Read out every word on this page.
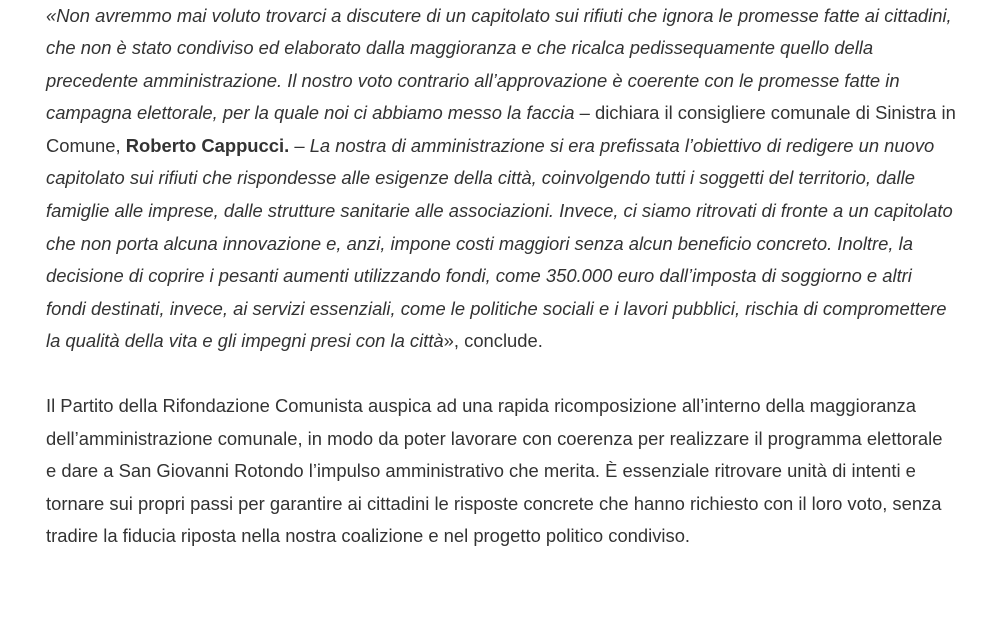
«Non avremmo mai voluto trovarci a discutere di un capitolato sui rifiuti che ignora le promesse fatte ai cittadini, che non è stato condiviso ed elaborato dalla maggioranza e che ricalca pedissequamente quello della precedente amministrazione. Il nostro voto contrario all’approvazione è coerente con le promesse fatte in campagna elettorale, per la quale noi ci abbiamo messo la faccia – dichiara il consigliere comunale di Sinistra in Comune, Roberto Cappucci. – La nostra di amministrazione si era prefissata l’obiettivo di redigere un nuovo capitolato sui rifiuti che rispondesse alle esigenze della città, coinvolgendo tutti i soggetti del territorio, dalle famiglie alle imprese, dalle strutture sanitarie alle associazioni. Invece, ci siamo ritrovati di fronte a un capitolato che non porta alcuna innovazione e, anzi, impone costi maggiori senza alcun beneficio concreto. Inoltre, la decisione di coprire i pesanti aumenti utilizzando fondi, come 350.000 euro dall’imposta di soggiorno e altri fondi destinati, invece, ai servizi essenziali, come le politiche sociali e i lavori pubblici, rischia di compromettere la qualità della vita e gli impegni presi con la città», conclude.

Il Partito della Rifondazione Comunista auspica ad una rapida ricomposizione all’interno della maggioranza dell’amministrazione comunale, in modo da poter lavorare con coerenza per realizzare il programma elettorale e dare a San Giovanni Rotondo l’impulso amministrativo che merita. È essenziale ritrovare unità di intenti e tornare sui propri passi per garantire ai cittadini le risposte concrete che hanno richiesto con il loro voto, senza tradire la fiducia riposta nella nostra coalizione e nel progetto politico condiviso.
